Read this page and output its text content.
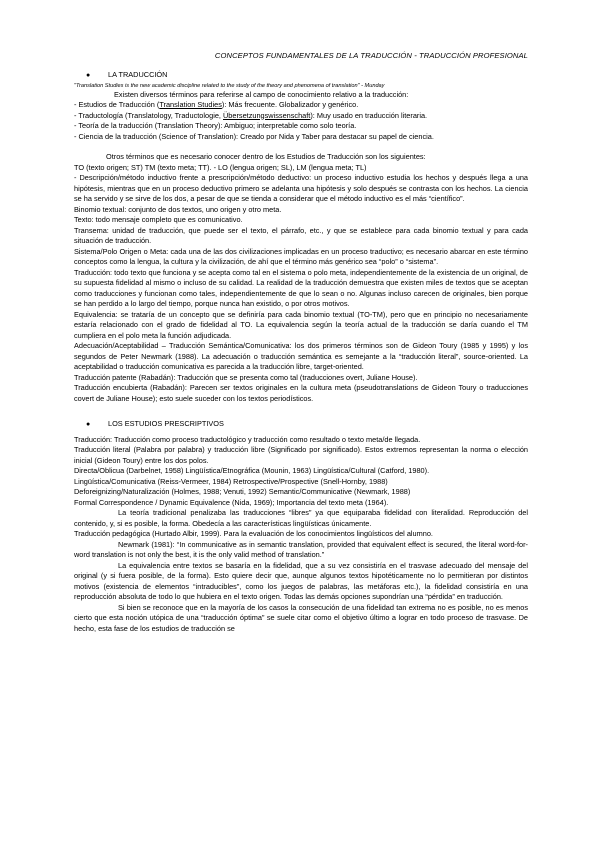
CONCEPTOS FUNDAMENTALES DE LA TRADUCCIÓN - TRADUCCIÓN PROFESIONAL
●	LA TRADUCCIÓN

"Translation Studies is the new academic discipline related to the study of the theory and phenomena of translation" - Munday

Existen diversos términos para referirse al campo de conocimiento relativo a la traducción:

- Estudios de Traducción (Translation Studies): Más frecuente. Globalizador y genérico.

- Traductología (Translatology, Traductologie, Übersetzungswissenschaft): Muy usado en traducción literaria.

- Teoría de la traducción (Translation Theory): Ambiguo; interpretable como solo teoría.

- Ciencia de la traducción (Science of Translation): Creado por Nida y Taber para destacar su papel de ciencia.

Otros términos que es necesario conocer dentro de los Estudios de Traducción son los siguientes:

TO (texto origen; ST) TM (texto meta; TT). - LO (lengua origen; SL), LM (lengua meta; TL)

- Descripción/método inductivo frente a prescripción/método deductivo: un proceso inductivo estudia los hechos y después llega a una hipótesis, mientras que en un proceso deductivo primero se adelanta una hipótesis y solo después se contrasta con los hechos. La ciencia se ha servido y se sirve de los dos, a pesar de que se tienda a considerar que el método inductivo es el más “científico”.

Binomio textual: conjunto de dos textos, uno origen y otro meta.

Texto: todo mensaje completo que es comunicativo.

Transema: unidad de traducción, que puede ser el texto, el párrafo, etc., y que se establece para cada binomio textual y para cada situación de traducción.

Sistema/Polo Origen o Meta: cada una de las dos civilizaciones implicadas en un proceso traductivo; es necesario abarcar en este término conceptos como la lengua, la cultura y la civilización, de ahí que el término más genérico sea “polo” o “sistema”.

Traducción: todo texto que funciona y se acepta como tal en el sistema o polo meta, independientemente de la existencia de un original, de su supuesta fidelidad al mismo o incluso de su calidad. La realidad de la traducción demuestra que existen miles de textos que se aceptan como traducciones y funcionan como tales, independientemente de que lo sean o no. Algunas incluso carecen de originales, bien porque se han perdido a lo largo del tiempo, porque nunca han existido, o por otros motivos.

Equivalencia: se trataría de un concepto que se definiría para cada binomio textual (TO-TM), pero que en principio no necesariamente estaría relacionado con el grado de fidelidad al TO. La equivalencia según la teoría actual de la traducción se daría cuando el TM cumpliera en el polo meta la función adjudicada.

Adecuación/Aceptabilidad – Traducción Semántica/Comunicativa: los dos primeros términos son de Gideon Toury (1985 y 1995) y los segundos de Peter Newmark (1988). La adecuación o traducción semántica es semejante a la “traducción literal”, source-oriented. La aceptabilidad o traducción comunicativa es parecida a la traducción libre, target-oriented.

Traducción patente (Rabadán): Traducción que se presenta como tal (traducciones overt, Juliane House).

Traducción encubierta (Rabadán): Parecen ser textos originales en la cultura meta (pseudotranslations de Gideon Toury o traducciones covert de Juliane House); esto suele suceder con los textos periodísticos.

●	LOS ESTUDIOS PRESCRIPTIVOS

Traducción: Traducción como proceso traductológico y traducción como resultado o texto meta/de llegada.

Traducción literal (Palabra por palabra) y traducción libre (Significado por significado). Estos extremos representan la norma o elección inicial (Gideon Toury) entre los dos polos.

Directa/Oblicua (Darbelnet, 1958) Lingüística/Etnográfica (Mounin, 1963) Lingüística/Cultural (Catford, 1980).

Lingüística/Comunicativa (Reiss-Vermeer, 1984) Retrospective/Prospective (Snell-Hornby, 1988)

Deforeignizing/Naturalización (Holmes, 1988; Venuti, 1992) Semantic/Communicative (Newmark, 1988)

Formal Correspondence / Dynamic Equivalence (Nida, 1969); Importancia del texto meta (1964).

La teoría tradicional penalizaba las traducciones “libres” ya que equiparaba fidelidad con literalidad. Reproducción del contenido, y, si es posible, la forma. Obedecía a las características lingüísticas únicamente.

Traducción pedagógica (Hurtado Albir, 1999). Para la evaluación de los conocimientos lingüísticos del alumno.

Newmark (1981): “In communicative as in semantic translation, provided that equivalent effect is secured, the literal word-for-word translation is not only the best, it is the only valid method of translation.”

La equivalencia entre textos se basaría en la fidelidad, que a su vez consistiría en el trasvase adecuado del mensaje del original (y si fuera posible, de la forma). Esto quiere decir que, aunque algunos textos hipotéticamente no lo permitieran por distintos motivos (existencia de elementos “intraducibles”, como los juegos de palabras, las metáforas etc.), la fidelidad consistiría en una reproducción absoluta de todo lo que hubiera en el texto origen. Todas las demás opciones supondrían una “pérdida” en traducción.

Si bien se reconoce que en la mayoría de los casos la consecución de una fidelidad tan extrema no es posible, no es menos cierto que esta noción utópica de una “traducción óptima” se suele citar como el objetivo último a lograr en todo proceso de trasvase. De hecho, esta fase de los estudios de traducción se
